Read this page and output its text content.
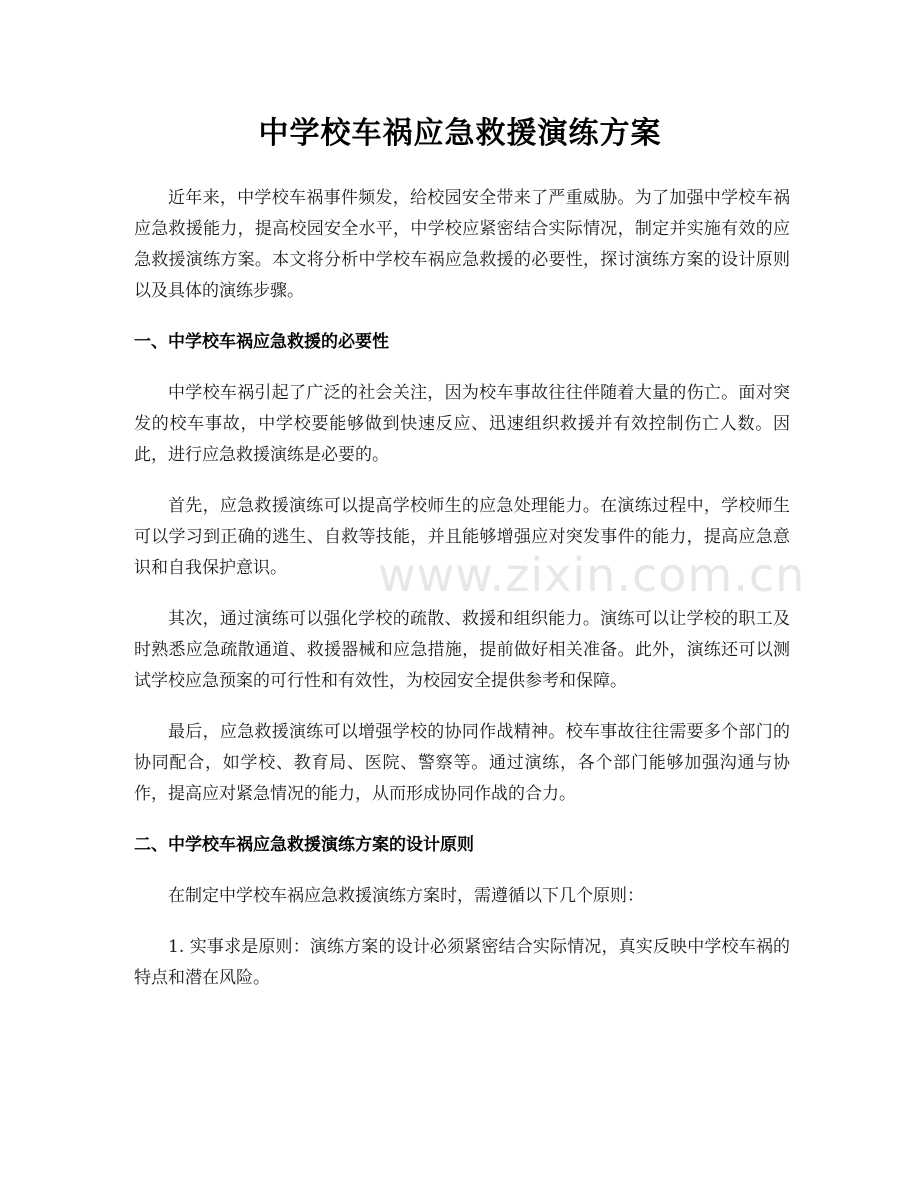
中学校车祸应急救援演练方案

近年来，中学校车祸事件频发，给校园安全带来了严重威胁。为了加强中学校车祸应急救援能力，提高校园安全水平，中学校应紧密结合实际情况，制定并实施有效的应急救援演练方案。本文将分析中学校车祸应急救援的必要性，探讨演练方案的设计原则以及具体的演练步骤。

一、中学校车祸应急救援的必要性

中学校车祸引起了广泛的社会关注，因为校车事故往往伴随着大量的伤亡。面对突发的校车事故，中学校要能够做到快速反应、迅速组织救援并有效控制伤亡人数。因此，进行应急救援演练是必要的。

首先，应急救援演练可以提高学校师生的应急处理能力。在演练过程中，学校师生可以学习到正确的逃生、自救等技能，并且能够增强应对突发事件的能力，提高应急意识和自我保护意识。

其次，通过演练可以强化学校的疏散、救援和组织能力。演练可以让学校的职工及时熟悉应急疏散通道、救援器械和应急措施，提前做好相关准备。此外，演练还可以测试学校应急预案的可行性和有效性，为校园安全提供参考和保障。

最后，应急救援演练可以增强学校的协同作战精神。校车事故往往需要多个部门的协同配合，如学校、教育局、医院、警察等。通过演练，各个部门能够加强沟通与协作，提高应对紧急情况的能力，从而形成协同作战的合力。

二、中学校车祸应急救援演练方案的设计原则

在制定中学校车祸应急救援演练方案时，需遵循以下几个原则：

1. 实事求是原则：演练方案的设计必须紧密结合实际情况，真实反映中学校车祸的特点和潜在风险。

www.zixin.com.cn
